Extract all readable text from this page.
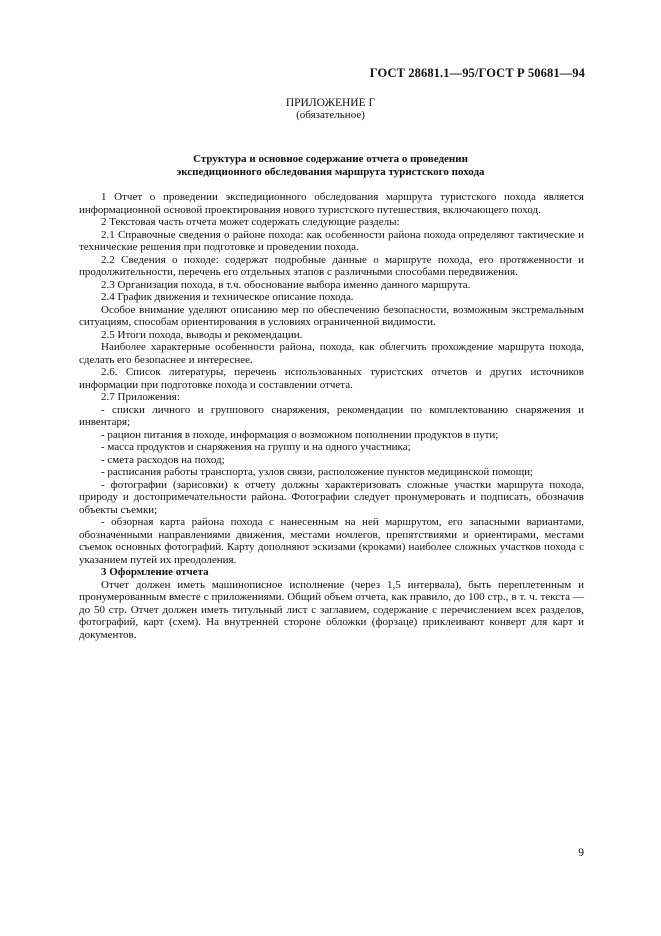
ГОСТ 28681.1—95/ГОСТ Р 50681—94
ПРИЛОЖЕНИЕ Г
(обязательное)
Структура и основное содержание отчета о проведении
экспедиционного обследования маршрута туристского похода

1 Отчет о проведении экспедиционного обследования маршрута туристского похода является информационной основой проектирования нового туристского путешествия, включающего поход.

2 Текстовая часть отчета может содержать следующие разделы:

2.1 Справочные сведения о районе похода: как особенности района похода определяют тактические и технические решения при подготовке и проведении похода.

2.2 Сведения о походе: содержат подробные данные о маршруте похода, его протяженности и продолжительности, перечень его отдельных этапов с различными способами передвижения.

2.3 Организация похода, в т.ч. обоснование выбора именно данного маршрута.

2.4 График движения и техническое описание похода.

Особое внимание уделяют описанию мер по обеспечению безопасности, возможным экстремальным ситуациям, способам ориентирования в условиях ограниченной видимости.

2.5 Итоги похода, выводы и рекомендации.

Наиболее характерные особенности района, похода, как облегчить прохождение маршрута похода, сделать его безопаснее и интереснее.

2.6. Список литературы, перечень использованных туристских отчетов и других источников информации при подготовке похода и составлении отчета.

2.7 Приложения:

- списки личного и группового снаряжения, рекомендации по комплектованию снаряжения и инвентаря;

- рацион питания в походе, информация о возможном пополнении продуктов в пути;

- масса продуктов и снаряжения на группу и на одного участника;

- смета расходов на поход;

- расписания работы транспорта, узлов связи, расположение пунктов медицинской помощи;

- фотографии (зарисовки) к отчету должны характеризовать сложные участки маршрута похода, природу и достопримечательности района. Фотографии следует пронумеровать и подписать, обозначив объекты съемки;

- обзорная карта района похода с нанесенным на ней маршрутом, его запасными вариантами, обозначенными направлениями движения, местами ночлегов, препятствиями и ориентирами, местами съемок основных фотографий. Карту дополняют эскизами (кроками) наиболее сложных участков похода с указанием путей их преодоления.

3 Оформление отчета

Отчет должен иметь машинописное исполнение (через 1,5 интервала), быть переплетенным и пронумерованным вместе с приложениями. Общий объем отчета, как правило, до 100 стр., в т. ч. текста — до 50 стр. Отчет должен иметь титульный лист с заглавием, содержание с перечислением всех разделов, фотографий, карт (схем). На внутренней стороне обложки (форзаце) приклеивают конверт для карт и документов.

9
